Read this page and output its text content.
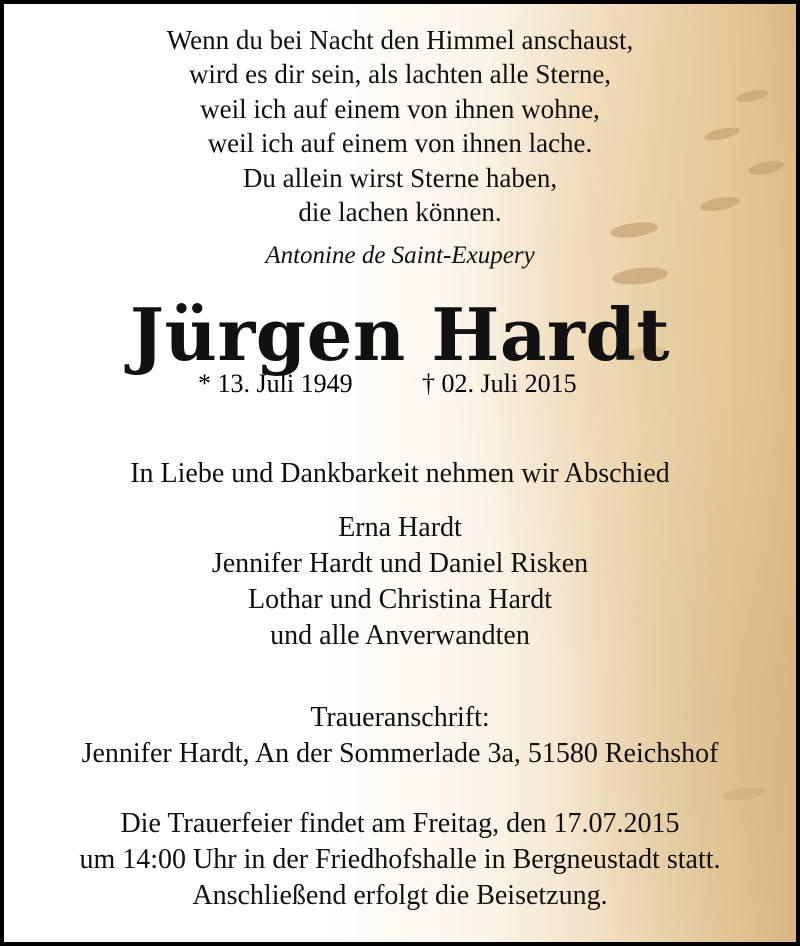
Wenn du bei Nacht den Himmel anschaust,
wird es dir sein, als lachten alle Sterne,
weil ich auf einem von ihnen wohne,
weil ich auf einem von ihnen lache.
Du allein wirst Sterne haben,
die lachen können.
Antonine de Saint-Exupery
Jürgen Hardt
* 13. Juli 1949	† 02. Juli 2015
In Liebe und Dankbarkeit nehmen wir Abschied
Erna Hardt
Jennifer Hardt und Daniel Risken
Lothar und Christina Hardt
und alle Anverwandten
Traueranschrift:
Jennifer Hardt, An der Sommerlade 3a, 51580 Reichshof
Die Trauerfeier findet am Freitag, den 17.07.2015
um 14:00 Uhr in der Friedhofshalle in Bergneustadt statt.
Anschließend erfolgt die Beisetzung.
